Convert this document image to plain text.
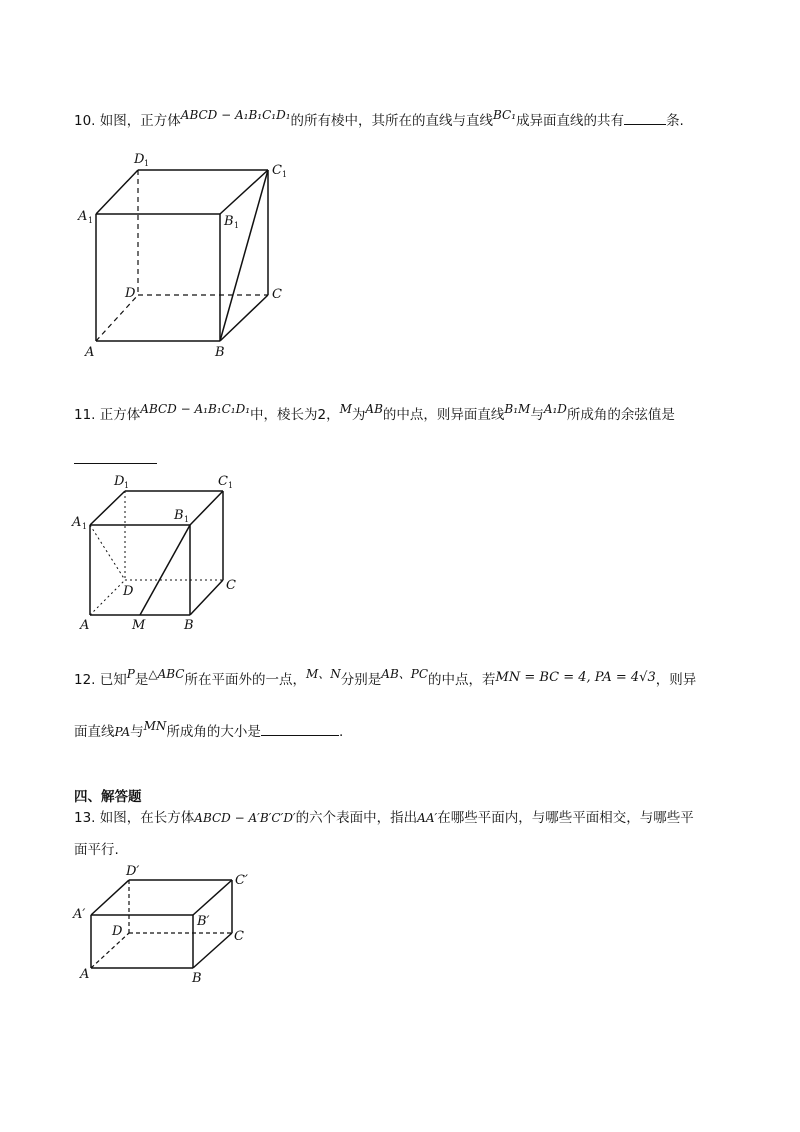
10. 如图，正方体ABCD − A₁B₁C₁D₁的所有棱中，其所在的直线与直线BC₁成异面直线的共有	条.
D 1	C 1
A 1	B 1
D	C
A	B
11. 正方体ABCD − A₁B₁C₁D₁中，棱长为2，M为AB的中点，则异面直线B₁M与A₁D所成角的余弦值是
D 1	C 1
A 1
B 1
D	C
A	M	B
12. 已知P是△ABC所在平面外的一点，M、N分别是AB、PC的中点，若MN = BC = 4, PA = 4√3，则异
面直线PA与MN所成角的大小是	.
四、解答题
13. 如图，在长方体ABCD − A′B′C′D′的六个表面中，指出AA′在哪些平面内，与哪些平面相交，与哪些平
面平行.
D′
C′
A′	B′
D	C
A	B
